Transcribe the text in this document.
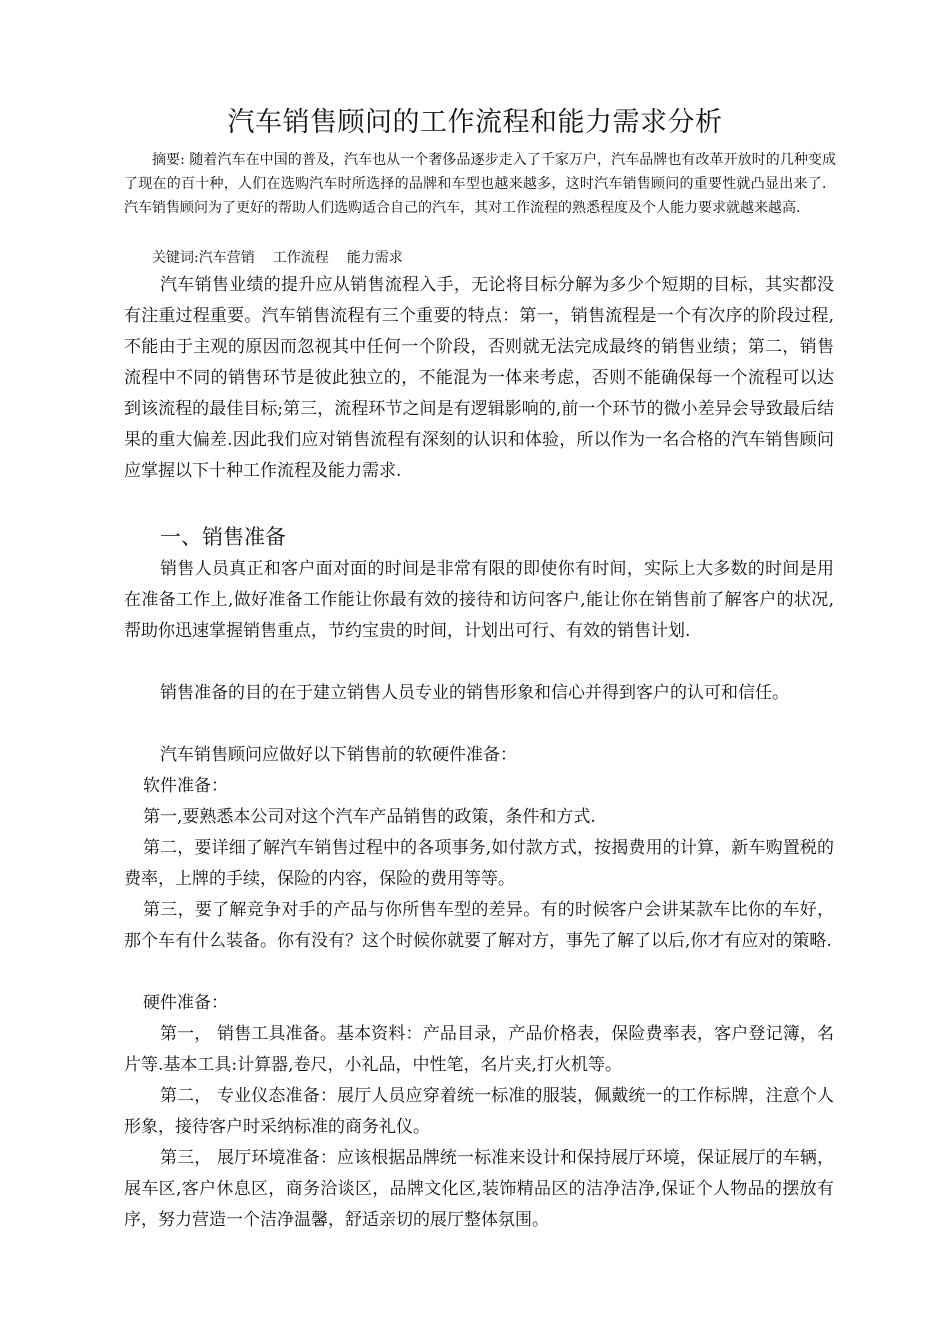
汽车销售顾问的工作流程和能力需求分析

摘要: 随着汽车在中国的普及，汽车也从一个奢侈品逐步走入了千家万户，汽车品牌也有改革开放时的几种变成了现在的百十种，人们在选购汽车时所选择的品牌和车型也越来越多，这时汽车销售顾问的重要性就凸显出来了．汽车销售顾问为了更好的帮助人们选购适合自己的汽车，其对工作流程的熟悉程度及个人能力要求就越来越高.

关键词:汽车营销 工作流程 能力需求

汽车销售业绩的提升应从销售流程入手，无论将目标分解为多少个短期的目标，其实都没有注重过程重要。汽车销售流程有三个重要的特点：第一，销售流程是一个有次序的阶段过程,不能由于主观的原因而忽视其中任何一个阶段，否则就无法完成最终的销售业绩；第二，销售流程中不同的销售环节是彼此独立的，不能混为一体来考虑，否则不能确保每一个流程可以达到该流程的最佳目标;第三，流程环节之间是有逻辑影响的,前一个环节的微小差异会导致最后结果的重大偏差.因此我们应对销售流程有深刻的认识和体验，所以作为一名合格的汽车销售顾问应掌握以下十种工作流程及能力需求.

一、销售准备

销售人员真正和客户面对面的时间是非常有限的即使你有时间，实际上大多数的时间是用在准备工作上,做好准备工作能让你最有效的接待和访问客户,能让你在销售前了解客户的状况,帮助你迅速掌握销售重点，节约宝贵的时间，计划出可行、有效的销售计划.

销售准备的目的在于建立销售人员专业的销售形象和信心并得到客户的认可和信任。

汽车销售顾问应做好以下销售前的软硬件准备：

软件准备：

第一,要熟悉本公司对这个汽车产品销售的政策，条件和方式.

第二，要详细了解汽车销售过程中的各项事务,如付款方式，按揭费用的计算，新车购置税的费率，上牌的手续，保险的内容，保险的费用等等。

第三，要了解竞争对手的产品与你所售车型的差异。有的时候客户会讲某款车比你的车好，那个车有什么装备。你有没有？这个时候你就要了解对方，事先了解了以后,你才有应对的策略.

硬件准备：

第一， 销售工具准备。基本资料：产品目录，产品价格表，保险费率表，客户登记簿，名片等.基本工具:计算器,卷尺，小礼品，中性笔，名片夹,打火机等。

第二， 专业仪态准备：展厅人员应穿着统一标准的服装，佩戴统一的工作标牌，注意个人形象，接待客户时采纳标准的商务礼仪。

第三， 展厅环境准备：应该根据品牌统一标准来设计和保持展厅环境，保证展厅的车辆，展车区,客户休息区，商务洽谈区，品牌文化区,装饰精品区的洁净洁净,保证个人物品的摆放有序，努力营造一个洁净温馨，舒适亲切的展厅整体氛围。
